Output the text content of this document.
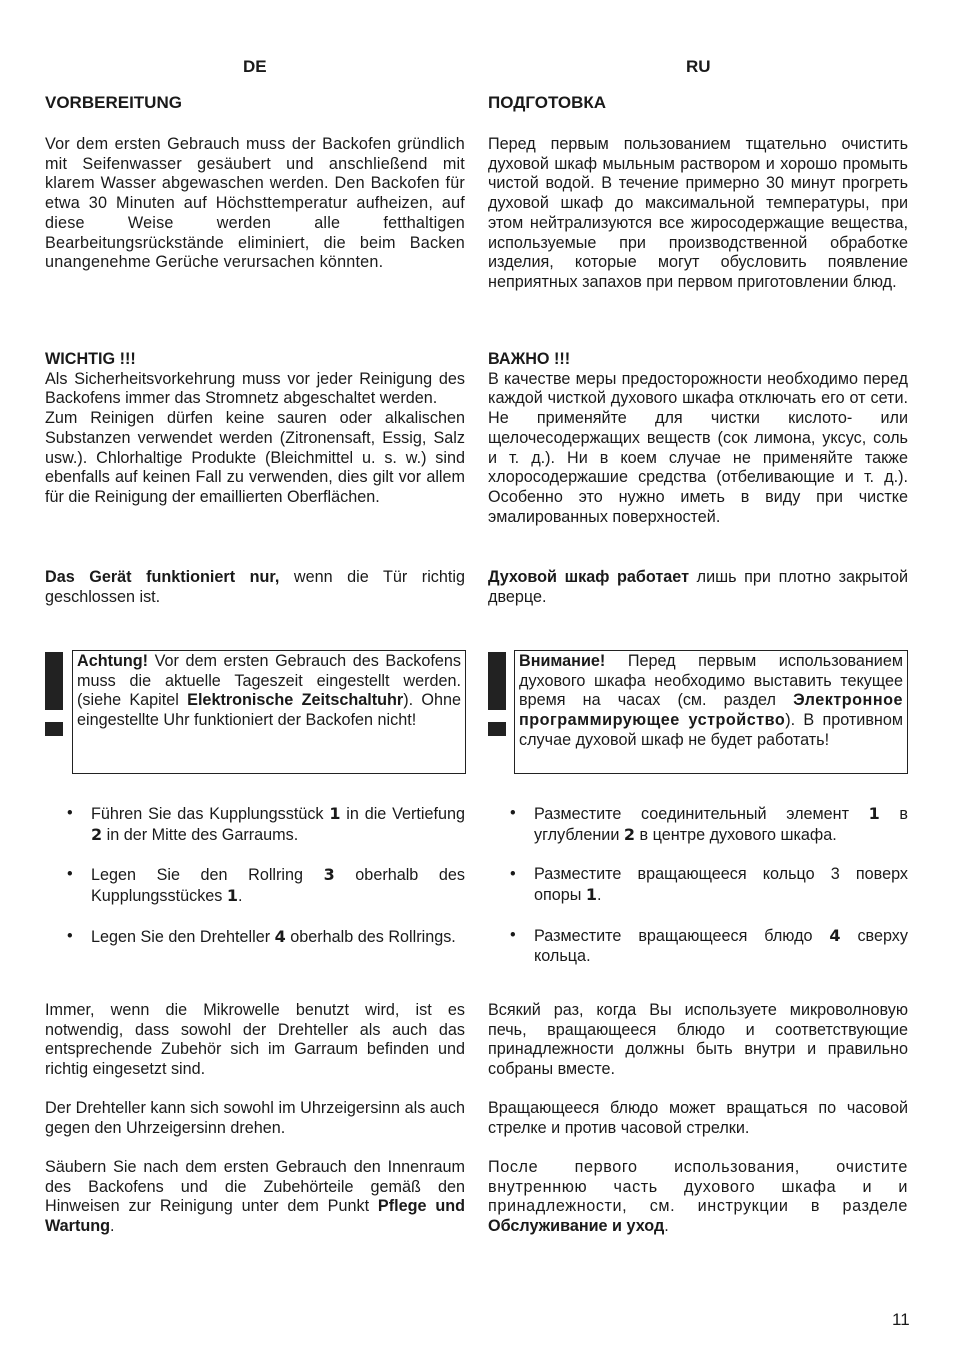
DE
VORBEREITUNG

Vor dem ersten Gebrauch muss der Backofen gründlich mit Seifenwasser gesäubert und anschließend mit klarem Wasser abgewaschen werden. Den Backofen für etwa 30 Minuten auf Höchsttemperatur aufheizen, auf diese Weise werden alle fetthaltigen Bearbeitungsrückstände eliminiert, die beim Backen unangenehme Gerüche verursachen könnten.

WICHTIG !!!

Als Sicherheitsvorkehrung muss vor jeder Reinigung des Backofens immer das Stromnetz abgeschaltet werden.

Zum Reinigen dürfen keine sauren oder alkalischen Substanzen verwendet werden (Zitronensaft, Essig, Salz usw.). Chlorhaltige Produkte (Bleichmittel u. s. w.) sind ebenfalls auf keinen Fall zu verwenden, dies gilt vor allem für die Reinigung der emaillierten Oberflächen.

Das Gerät funktioniert nur, wenn die Tür richtig geschlossen ist.

Achtung! Vor dem ersten Gebrauch des Backofens muss die aktuelle Tageszeit eingestellt werden. (siehe Kapitel Elektronische Zeitschaltuhr). Ohne eingestellte Uhr funktioniert der Backofen nicht!

• Führen Sie das Kupplungsstück 1 in die Vertiefung 2 in der Mitte des Garraums.
• Legen Sie den Rollring 3 oberhalb des Kupplungsstückes 1.
• Legen Sie den Drehteller 4 oberhalb des Rollrings.

Immer, wenn die Mikrowelle benutzt wird, ist es notwendig, dass sowohl der Drehteller als auch das entsprechende Zubehör sich im Garraum befinden und richtig eingesetzt sind.

Der Drehteller kann sich sowohl im Uhrzeigersinn als auch gegen den Uhrzeigersinn drehen.

Säubern Sie nach dem ersten Gebrauch den Innenraum des Backofens und die Zubehörteile gemäß den Hinweisen zur Reinigung unter dem Punkt Pflege und Wartung.

RU
ПОДГОТОВКА

Перед первым пользованием тщательно очистить духовой шкаф мыльным раствором и хорошо промыть чистой водой. В течение примерно 30 минут прогреть духовой шкаф до максимальной температуры, при этом нейтрализуются все жиросодержащие вещества, используемые при производственной обработке изделия, которые могут обусловить появление неприятных запахов при первом приготовлении блюд.

ВАЖНО !!!

В качестве меры предосторожности необходимо перед каждой чисткой духового шкафа отключать его от сети. Не применяйте для чистки кислото- или щелочесодержащих веществ (сок лимона, уксус, соль и т. д.). Ни в коем случае не применяйте также хлоросодержашие средства (отбеливающие и т. д.). Особенно это нужно иметь в виду при чистке эмалированных поверхностей.

Духовой шкаф работает лишь при плотно закрытой дверце.

Внимание! Перед первым использованием духового шкафа необходимо выставить текущее время на часах (см. раздел Электронное программирующее устройство). В противном случае духовой шкаф не будет работать!

• Разместите соединительный элемент 1 в углублении 2 в центре духового шкафа.
• Разместите вращающееся кольцо 3 поверх опоры 1.
• Разместите вращающееся блюдо 4 сверху кольца.

Всякий раз, когда Вы используете микроволновую печь, вращающееся блюдо и соответствующие принадлежности должны быть внутри и правильно собраны вместе.

Вращающееся блюдо может вращаться по часовой стрелке и против часовой стрелки.

После первого использования, очистите внутреннюю часть духового шкафа и и принадлежности, см. инструкции в разделе Обслуживание и уход.

11
